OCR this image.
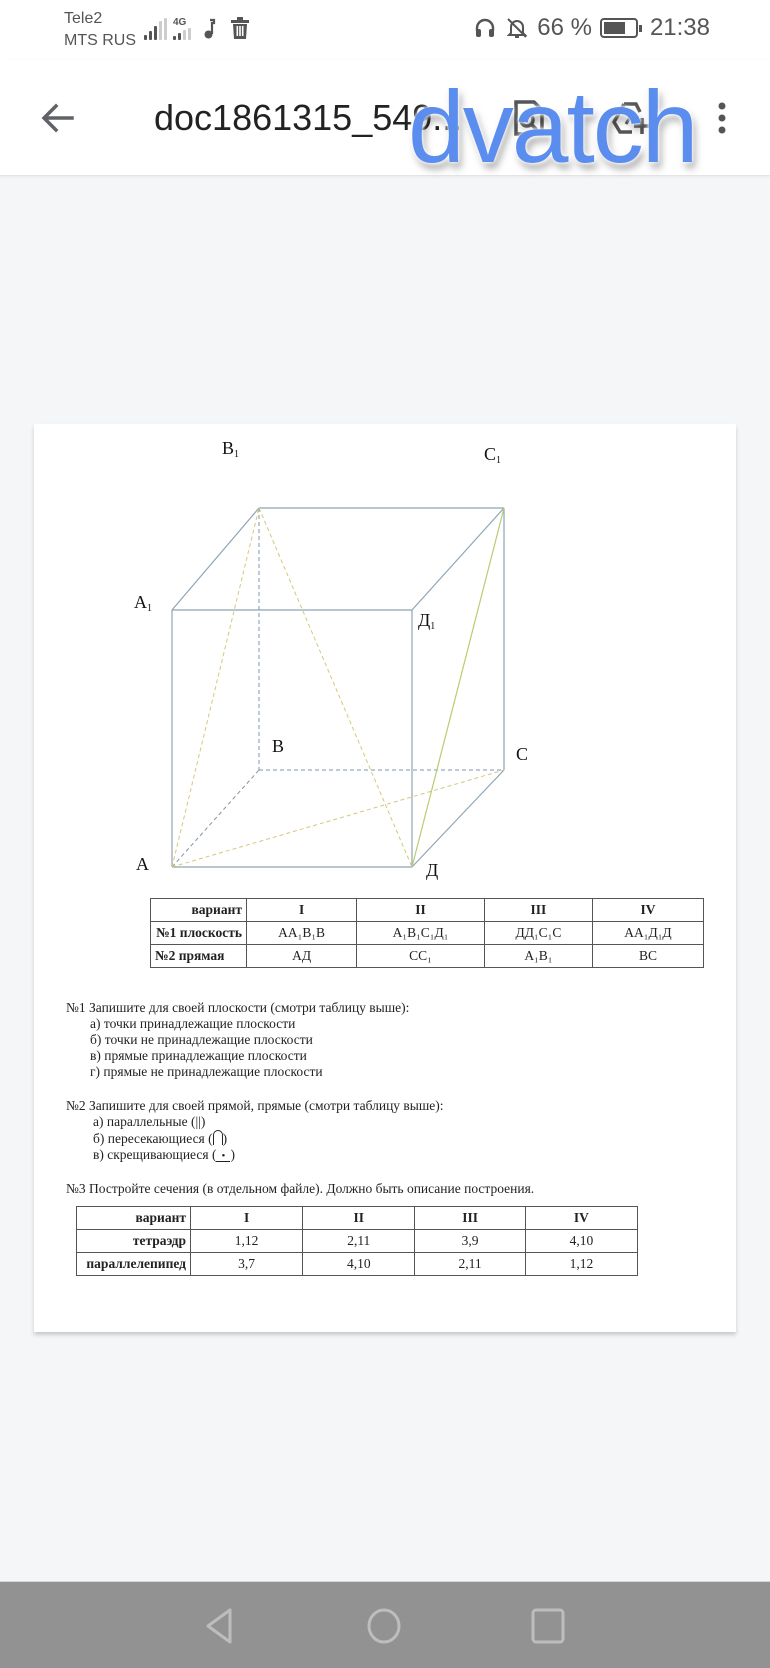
Tele2
MTS RUS
4G	66 % 21:38
doc1861315_549...
dvatch
$B_1$	$C_1$
$A_1$
$Д_1$
B	C
A	Д
вариант	I	II	III	IV
№1 плоскость	AA₁B₁B	A₁B₁C₁Д₁	ДД₁C₁C	AA₁Д₁Д
№2 прямая	AД	CC₁	A₁B₁	BC
№1 Запишите для своей плоскости (смотри таблицу выше):
а) точки принадлежащие плоскости
б) точки не принадлежащие плоскости
в) прямые принадлежащие плоскости
г) прямые не принадлежащие плоскости
№2 Запишите для своей прямой, прямые (смотри таблицу выше):
а) параллельные (||)
б) пересекающиеся ( )
в) скрещивающиеся ( • )
№3 Постройте сечения (в отдельном файле). Должно быть описание построения.
вариант	I	II	III	IV
тетраэдр	1,12	2,11	3,9	4,10
параллелепипед	3,7	4,10	2,11	1,12
